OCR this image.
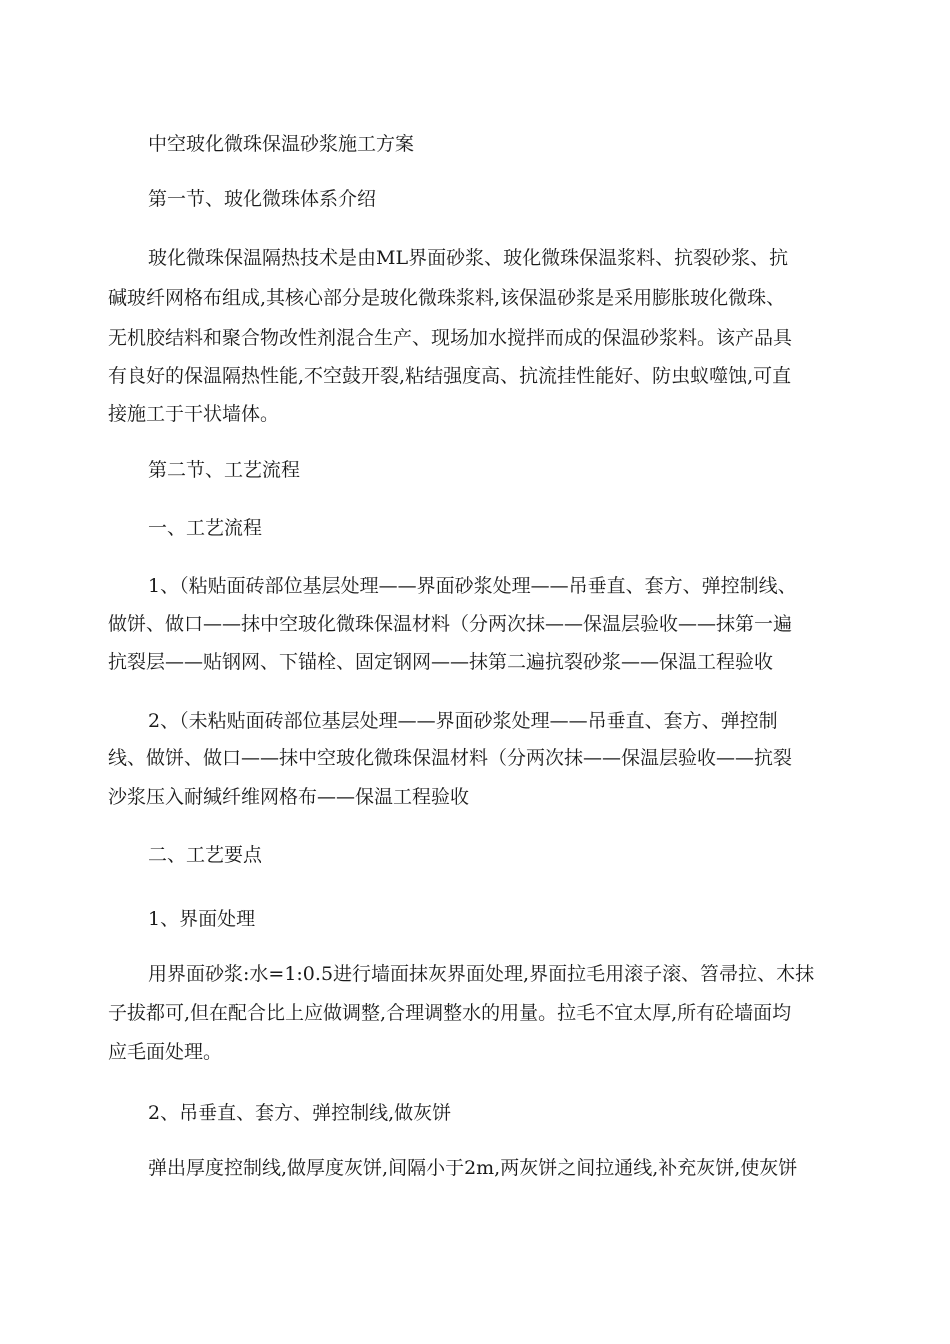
中空玻化微珠保温砂浆施工方案
第一节、玻化微珠体系介绍
玻化微珠保温隔热技术是由ML界面砂浆、玻化微珠保温浆料、抗裂砂浆、抗
碱玻纤网格布组成,其核心部分是玻化微珠浆料,该保温砂浆是采用膨胀玻化微珠、
无机胶结料和聚合物改性剂混合生产、现场加水搅拌而成的保温砂浆料。该产品具
有良好的保温隔热性能,不空鼓开裂,粘结强度高、抗流挂性能好、防虫蚁噬蚀,可直
接施工于干状墙体。
第二节、工艺流程
一、工艺流程
1、（粘贴面砖部位基层处理——界面砂浆处理——吊垂直、套方、弹控制线、
做饼、做口——抹中空玻化微珠保温材料（分两次抹——保温层验收——抹第一遍
抗裂层——贴钢网、下锚栓、固定钢网——抹第二遍抗裂砂浆——保温工程验收
2、（未粘贴面砖部位基层处理——界面砂浆处理——吊垂直、套方、弹控制
线、做饼、做口——抹中空玻化微珠保温材料（分两次抹——保温层验收——抗裂
沙浆压入耐缄纤维网格布——保温工程验收
二、工艺要点
1、界面处理
用界面砂浆:水=1:0.5进行墙面抹灰界面处理,界面拉毛用滚子滚、笤帚拉、木抹
子拔都可,但在配合比上应做调整,合理调整水的用量。拉毛不宜太厚,所有砼墙面均
应毛面处理。
2、吊垂直、套方、弹控制线,做灰饼
弹出厚度控制线,做厚度灰饼,间隔小于2m,两灰饼之间拉通线,补充灰饼,使灰饼
